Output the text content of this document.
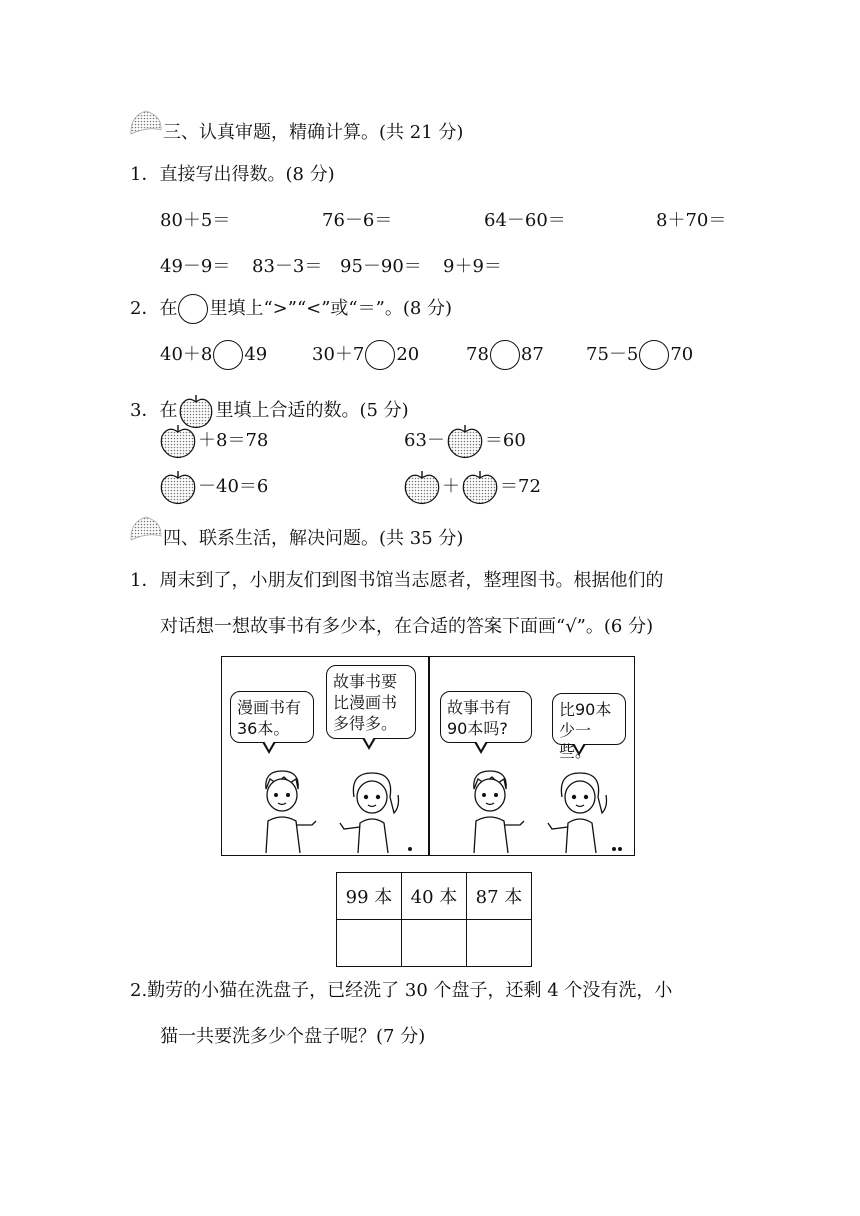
三、认真审题，精确计算。(共 21 分)
1．直接写出得数。(8 分)
80＋5＝	76－6＝	64－60＝	8＋70＝
49－9＝ 83－3＝ 95－90＝ 9＋9＝
2．在 里填上“>”“<”或“＝”。(8 分)
40＋8 49 30＋7 20	78 87 75－5 70
3．在 里填上合适的数。(5 分)
＋8＝78	63－ ＝60
－40＝6	＋ ＝72
四、联系生活，解决问题。(共 35 分)
1．周末到了，小朋友们到图书馆当志愿者，整理图书。根据他们的
对话想一想故事书有多少本，在合适的答案下面画“√”。(6 分)
漫画书有36本。
故事书要比漫画书多得多。
故事书有90本吗?
比90本少一些。
99 本	40 本	87 本

2.勤劳的小猫在洗盘子，已经洗了 30 个盘子，还剩 4 个没有洗，小
猫一共要洗多少个盘子呢？(7 分)
